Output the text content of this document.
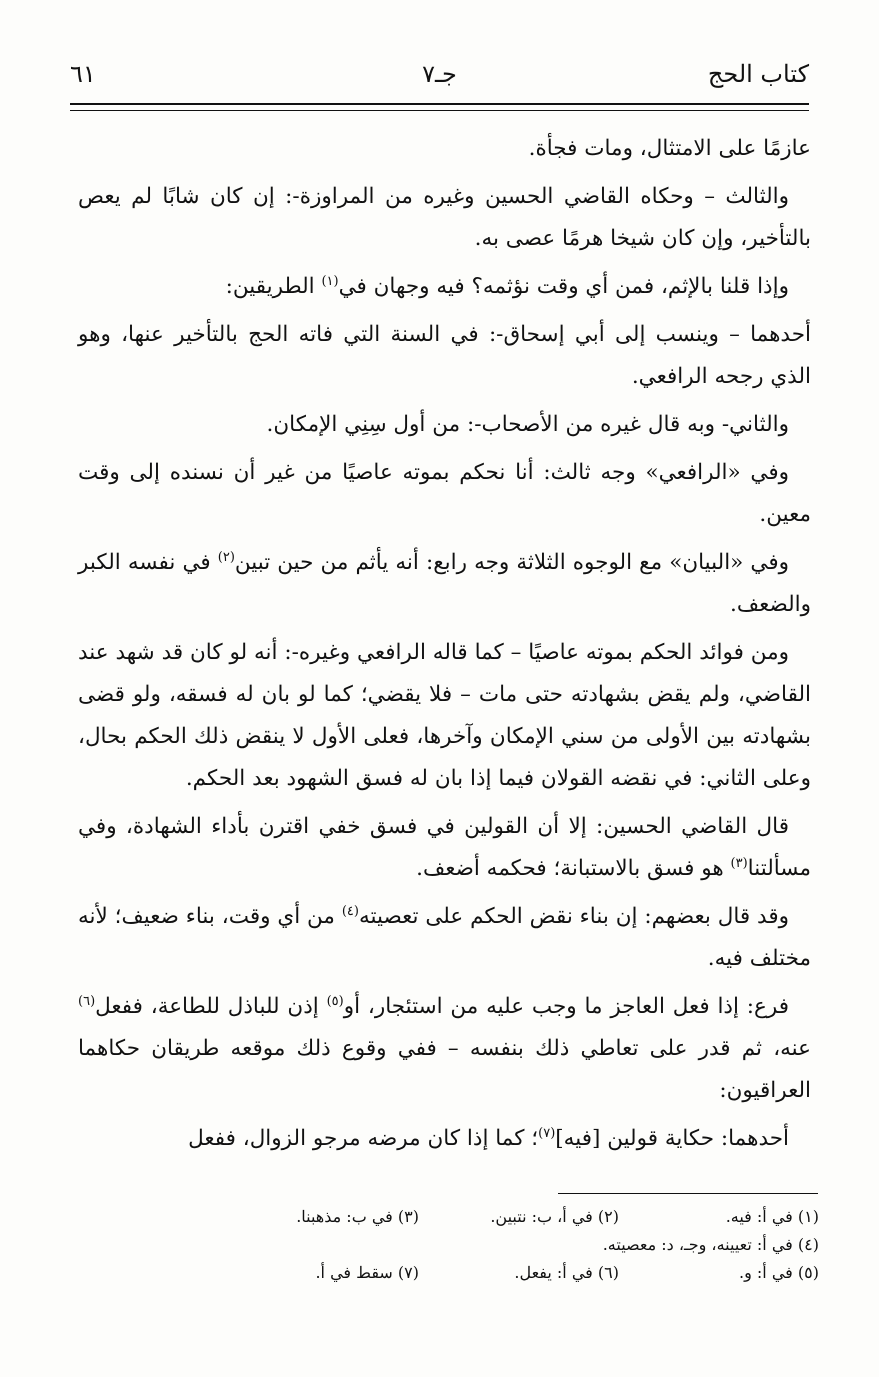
كتاب الحج
جـ٧
٦١

عازمًا على الامتثال، ومات فجأة.

والثالث – وحكاه القاضي الحسين وغيره من المراوزة-: إن كان شابًا لم يعص بالتأخير، وإن كان شيخا هرمًا عصى به.

وإذا قلنا بالإثم، فمن أي وقت نؤثمه؟ فيه وجهان في$^{(١)}$ الطريقين:

أحدهما – وينسب إلى أبي إسحاق-: في السنة التي فاته الحج بالتأخير عنها، وهو الذي رجحه الرافعي.

والثاني- وبه قال غيره من الأصحاب-: من أول سِنِي الإمكان.

وفي «الرافعي» وجه ثالث: أنا نحكم بموته عاصيًا من غير أن نسنده إلى وقت معين.

وفي «البيان» مع الوجوه الثلاثة وجه رابع: أنه يأثم من حين تبين$^{(٢)}$ في نفسه الكبر والضعف.

ومن فوائد الحكم بموته عاصيًا – كما قاله الرافعي وغيره-: أنه لو كان قد شهد عند القاضي، ولم يقض بشهادته حتى مات – فلا يقضي؛ كما لو بان له فسقه، ولو قضى بشهادته بين الأولى من سني الإمكان وآخرها، فعلى الأول لا ينقض ذلك الحكم بحال، وعلى الثاني: في نقضه القولان فيما إذا بان له فسق الشهود بعد الحكم.

قال القاضي الحسين: إلا أن القولين في فسق خفي اقترن بأداء الشهادة، وفي مسألتنا$^{(٣)}$ هو فسق بالاستبانة؛ فحكمه أضعف.

وقد قال بعضهم: إن بناء نقض الحكم على تعصيته$^{(٤)}$ من أي وقت، بناء ضعيف؛ لأنه مختلف فيه.

فرع: إذا فعل العاجز ما وجب عليه من استئجار، أو$^{(٥)}$ إذن للباذل للطاعة، ففعل$^{(٦)}$ عنه، ثم قدر على تعاطي ذلك بنفسه – ففي وقوع ذلك موقعه طريقان حكاهما العراقيون:

أحدهما: حكاية قولين [فيه]$^{(٧)}$؛ كما إذا كان مرضه مرجو الزوال، ففعل

(١) في أ: فيه.
(٢) في أ، ب: نتبين.
(٣) في ب: مذهبنا.
(٤) في أ: تعيينه، وجـ، د: معصيته.
(٥) في أ: و.
(٦) في أ: يفعل.
(٧) سقط في أ.
